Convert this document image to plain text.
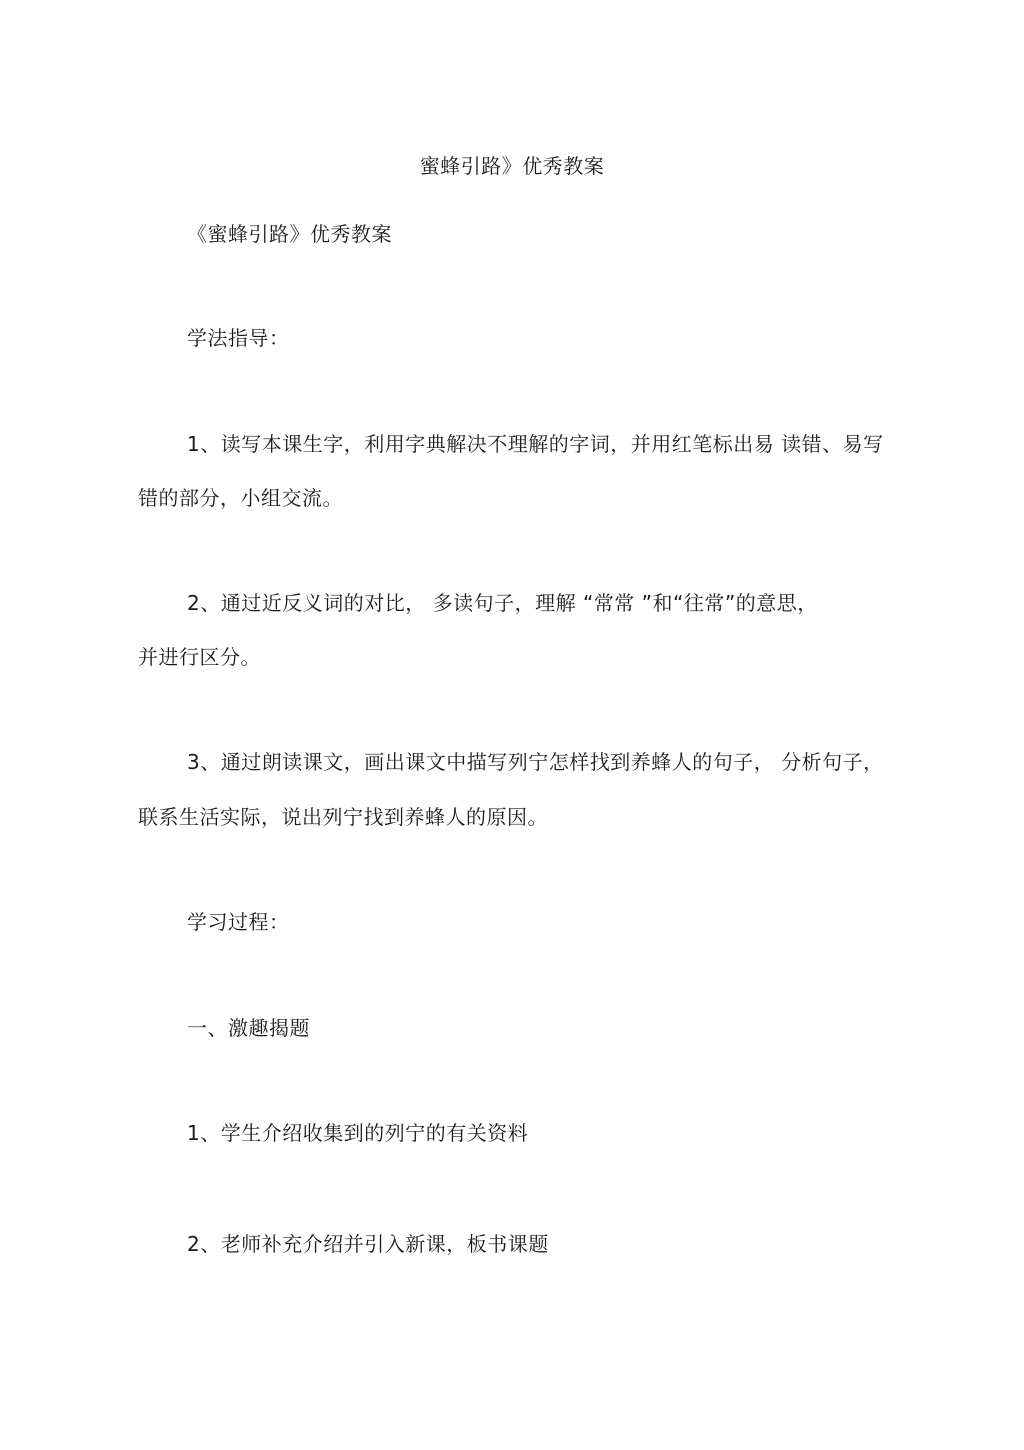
蜜蜂引路》优秀教案
《蜜蜂引路》优秀教案
学法指导：
1、读写本课生字，利用字典解决不理解的字词，并用红笔标出易 读错、易写
错的部分，小组交流。
2、通过近反义词的对比， 多读句子，理解 “常常 ”和“往常”的意思，
并进行区分。
3、通过朗读课文，画出课文中描写列宁怎样找到养蜂人的句子， 分析句子，
联系生活实际，说出列宁找到养蜂人的原因。
学习过程：
一、激趣揭题
1、学生介绍收集到的列宁的有关资料
2、老师补充介绍并引入新课，板书课题
